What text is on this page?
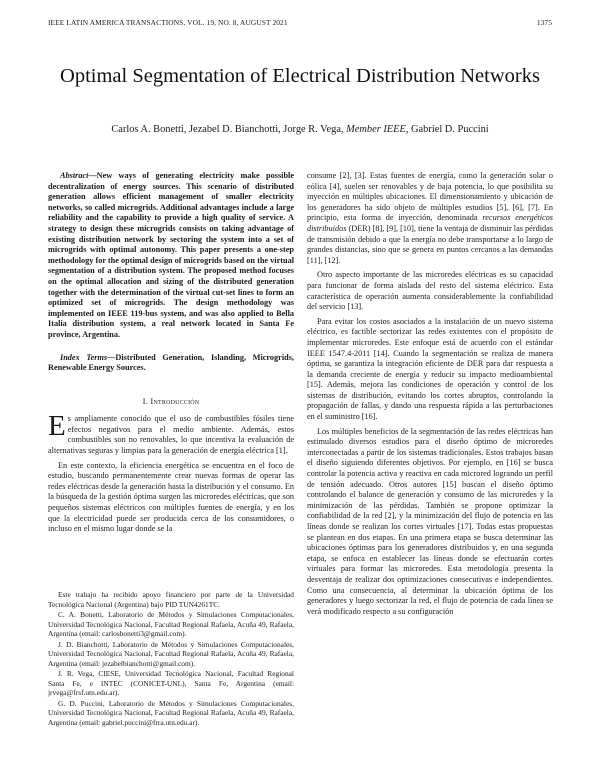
IEEE LATIN AMERICA TRANSACTIONS, VOL. 19, NO. 8, AUGUST 2021	1375
Optimal Segmentation of Electrical Distribution Networks
Carlos A. Bonetti, Jezabel D. Bianchotti, Jorge R. Vega, Member IEEE, Gabriel D. Puccini

Abstract—New ways of generating electricity make possible decentralization of energy sources. This scenario of distributed generation allows efficient management of smaller electricity networks, so called microgrids. Additional advantages include a large reliability and the capability to provide a high quality of service. A strategy to design these microgrids consists on taking advantage of existing distribution network by sectoring the system into a set of microgrids with optimal autonomy. This paper presents a one-step methodology for the optimal design of microgrids based on the virtual segmentation of a distribution system. The proposed method focuses on the optimal allocation and sizing of the distributed generation together with the determination of the virtual cut-set lines to form an optimized set of microgrids. The design methodology was implemented on IEEE 119-bus system, and was also applied to Bella Italia distribution system, a real network located in Santa Fe province, Argentina.

Index Terms—Distributed Generation, Islanding, Microgrids, Renewable Energy Sources.

I. Introducción

Es ampliamente conocido que el uso de combustibles fósiles tiene efectos negativos para el medio ambiente. Además, estos combustibles son no renovables, lo que incentiva la evaluación de alternativas seguras y limpias para la generación de energía eléctrica [1].

En este contexto, la eficiencia energética se encuentra en el foco de estudio, buscando permanentemente crear nuevas formas de operar las redes eléctricas desde la generación hasta la distribución y el consumo. En la búsqueda de la gestión óptima surgen las microredes eléctricas, que son pequeños sistemas eléctricos con múltiples fuentes de energía, y en los que la electricidad puede ser producida cerca de los consumidores, o incluso en el mismo lugar donde se la

Este trabajo ha recibido apoyo financiero por parte de la Universidad Tecnológica Nacional (Argentina) bajo PID TUN4261TC.

C. A. Bonetti, Laboratorio de Métodos y Simulaciones Computacionales, Universidad Tecnológica Nacional, Facultad Regional Rafaela, Acuña 49, Rafaela, Argentina (email: carlosbonetti3@gmail.com).

J. D. Bianchotti, Laboratorio de Métodos y Simulaciones Computacionales, Universidad Tecnológica Nacional, Facultad Regional Rafaela, Acuña 49, Rafaela, Argentina (email: jezabelbianchotti@gmail.com).

J. R. Vega, CIESE, Universidad Tecnológica Nacional, Facultad Regional Santa Fe, e INTEC (CONICET-UNL), Santa Fe, Argentina (email: jrvega@frsf.utn.edu.ar).

G. D. Puccini, Laboratorio de Métodos y Simulaciones Computacionales, Universidad Tecnológica Nacional, Facultad Regional Rafaela, Acuña 49, Rafaela, Argentina (email: gabriel.puccini@frra.utn.edu.ar).

consume [2], [3]. Estas fuentes de energía, como la generación solar o eólica [4], suelen ser renovables y de baja potencia, lo que posibilita su inyección en múltiples ubicaciones. El dimensionamiento y ubicación de los generadores ha sido objeto de múltiples estudios [5], [6], [7]. En principio, esta forma de inyección, denominada recursos energéticos distribuidos (DER) [8], [9], [10], tiene la ventaja de disminuir las pérdidas de transmisión debido a que la energía no debe transportarse a lo largo de grandes distancias, sino que se genera en puntos cercanos a las demandas [11], [12].

Otro aspecto importante de las microredes eléctricas es su capacidad para funcionar de forma aislada del resto del sistema eléctrico. Esta característica de operación aumenta considerablemente la confiabilidad del servicio [13].

Para evitar los costos asociados a la instalación de un nuevo sistema eléctrico, es factible sectorizar las redes existentes con el propósito de implementar microredes. Este enfoque está de acuerdo con el estándar IEEE 1547.4-2011 [14]. Cuando la segmentación se realiza de manera óptima, se garantiza la integración eficiente de DER para dar respuesta a la demanda creciente de energía y reducir su impacto medioambiental [15]. Además, mejora las condiciones de operación y control de los sistemas de distribución, evitando los cortes abruptos, controlando la propagación de fallas, y dando una respuesta rápida a las perturbaciones en el suministro [16].

Los múltiples beneficios de la segmentación de las redes eléctricas han estimulado diversos estudios para el diseño óptimo de microredes interconectadas a partir de los sistemas tradicionales. Estos trabajos basan el diseño siguiendo diferentes objetivos. Por ejemplo, en [16] se busca controlar la potencia activa y reactiva en cada microred logrando un perfil de tensión adecuado. Otros autores [15] buscan el diseño óptimo controlando el balance de generación y consumo de las microredes y la minimización de las pérdidas. También se propone optimizar la confiabilidad de la red [2], y la minimización del flujo de potencia en las líneas donde se realizan los cortes virtuales [17]. Todas estas propuestas se plantean en dos etapas. En una primera etapa se busca determinar las ubicaciones óptimas para los generadores distribuidos y, en una segunda etapa, se enfoca en establecer las líneas donde se efectuarán cortes virtuales para formar las microredes. Esta metodología presenta la desventaja de realizar dos optimizaciones consecutivas e independientes. Como una consecuencia, al determinar la ubicación óptima de los generadores y luego sectorizar la red, el flujo de potencia de cada línea se verá modificado respecto a su configuración
